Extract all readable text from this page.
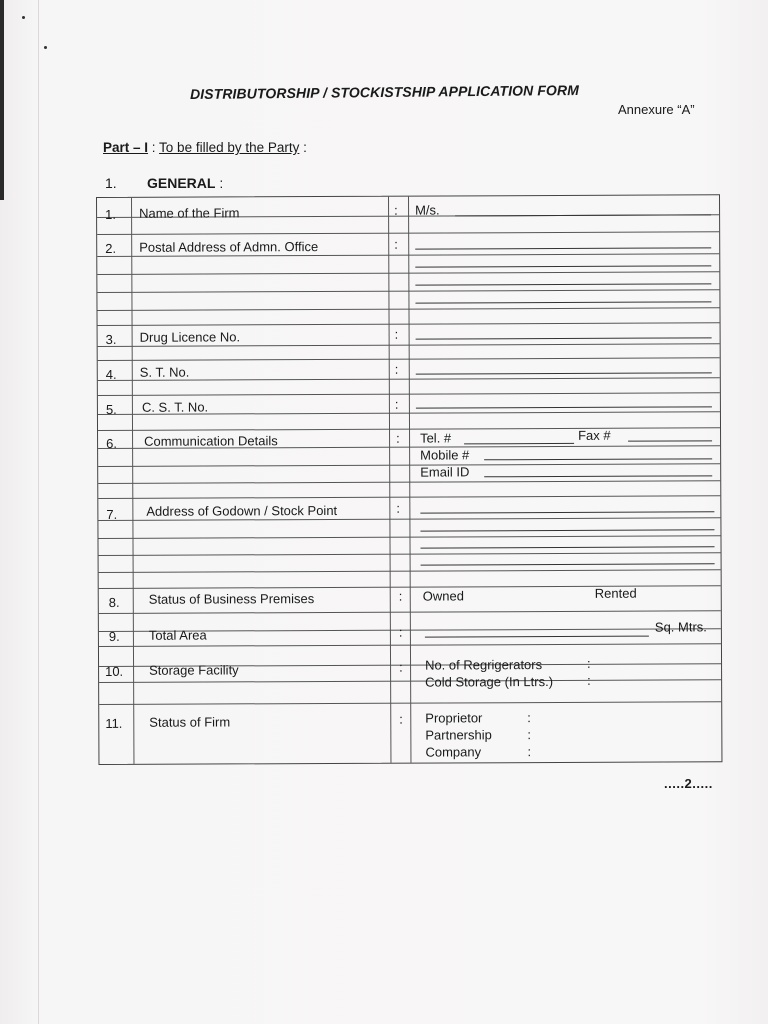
DISTRIBUTORSHIP / STOCKISTSHIP APPLICATION FORM
Annexure “A”
Part – I : To be filled by the Party :
1. GENERAL :
1. Name of the Firm	: M/s.
2. Postal Address of Admn. Office	:
3. Drug Licence No.	:
4. S. T. No.	:
5. C. S. T. No.	:
6. Communication Details	: Tel. #	Fax #
Mobile #
Email ID
7. Address of Godown / Stock Point	:
8. Status of Business Premises	: Owned	Rented
9. Total Area	:	Sq. Mtrs.
10. Storage Facility	: No. of Regrigerators	:
Cold Storage (In Ltrs.)	:
11. Status of Firm	: Proprietor	:
Partnership	:
Company	:
.....2.....
